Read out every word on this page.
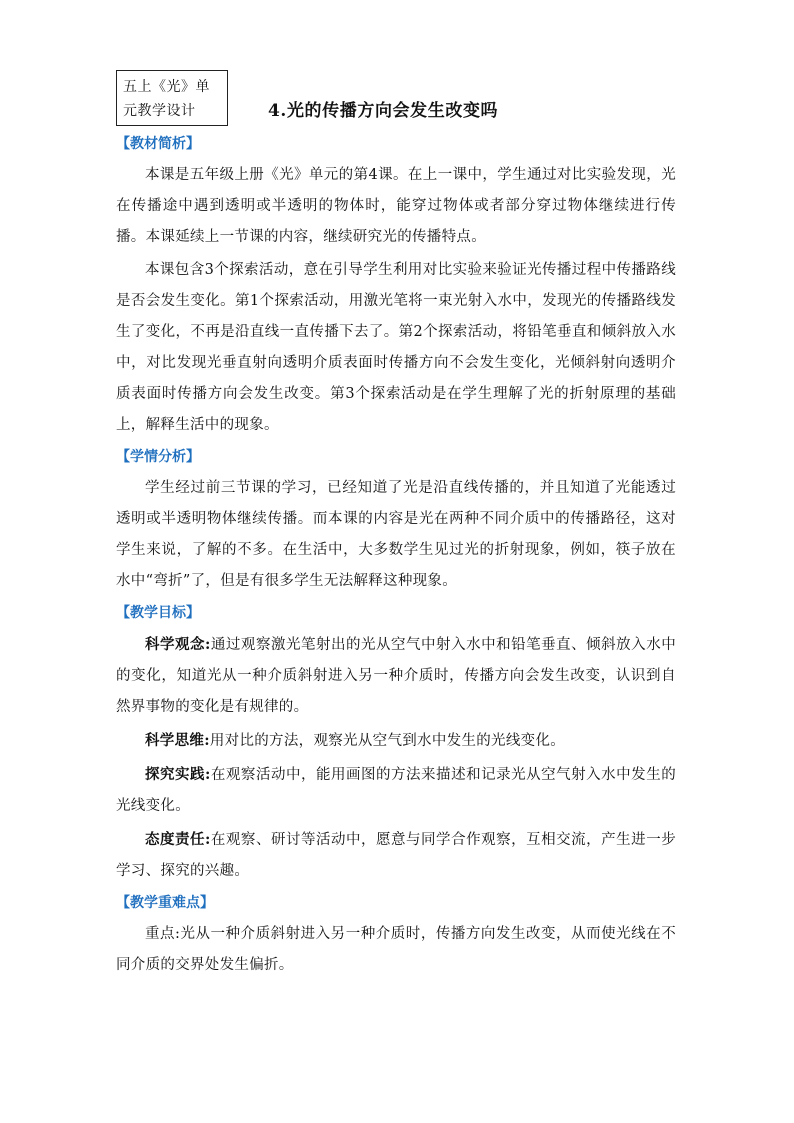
五上《光》单
元教学设计	4.光的传播方向会发生改变吗
【教材简析】

本课是五年级上册《光》单元的第4课。在上一课中，学生通过对比实验发现，光在传播途中遇到透明或半透明的物体时，能穿过物体或者部分穿过物体继续进行传播。本课延续上一节课的内容，继续研究光的传播特点。

本课包含3个探索活动，意在引导学生利用对比实验来验证光传播过程中传播路线是否会发生变化。第1个探索活动，用激光笔将一束光射入水中，发现光的传播路线发生了变化，不再是沿直线一直传播下去了。第2个探索活动，将铅笔垂直和倾斜放入水中，对比发现光垂直射向透明介质表面时传播方向不会发生变化，光倾斜射向透明介质表面时传播方向会发生改变。第3个探索活动是在学生理解了光的折射原理的基础上，解释生活中的现象。

【学情分析】

学生经过前三节课的学习，已经知道了光是沿直线传播的，并且知道了光能透过透明或半透明物体继续传播。而本课的内容是光在两种不同介质中的传播路径，这对学生来说，了解的不多。在生活中，大多数学生见过光的折射现象，例如，筷子放在水中“弯折”了，但是有很多学生无法解释这种现象。

【教学目标】

科学观念:通过观察激光笔射出的光从空气中射入水中和铅笔垂直、倾斜放入水中的变化，知道光从一种介质斜射进入另一种介质时，传播方向会发生改变，认识到自然界事物的变化是有规律的。

科学思维:用对比的方法，观察光从空气到水中发生的光线变化。

探究实践:在观察活动中，能用画图的方法来描述和记录光从空气射入水中发生的光线变化。

态度责任:在观察、研讨等活动中，愿意与同学合作观察，互相交流，产生进一步学习、探究的兴趣。

【教学重难点】

重点:光从一种介质斜射进入另一种介质时，传播方向发生改变，从而使光线在不同介质的交界处发生偏折。
